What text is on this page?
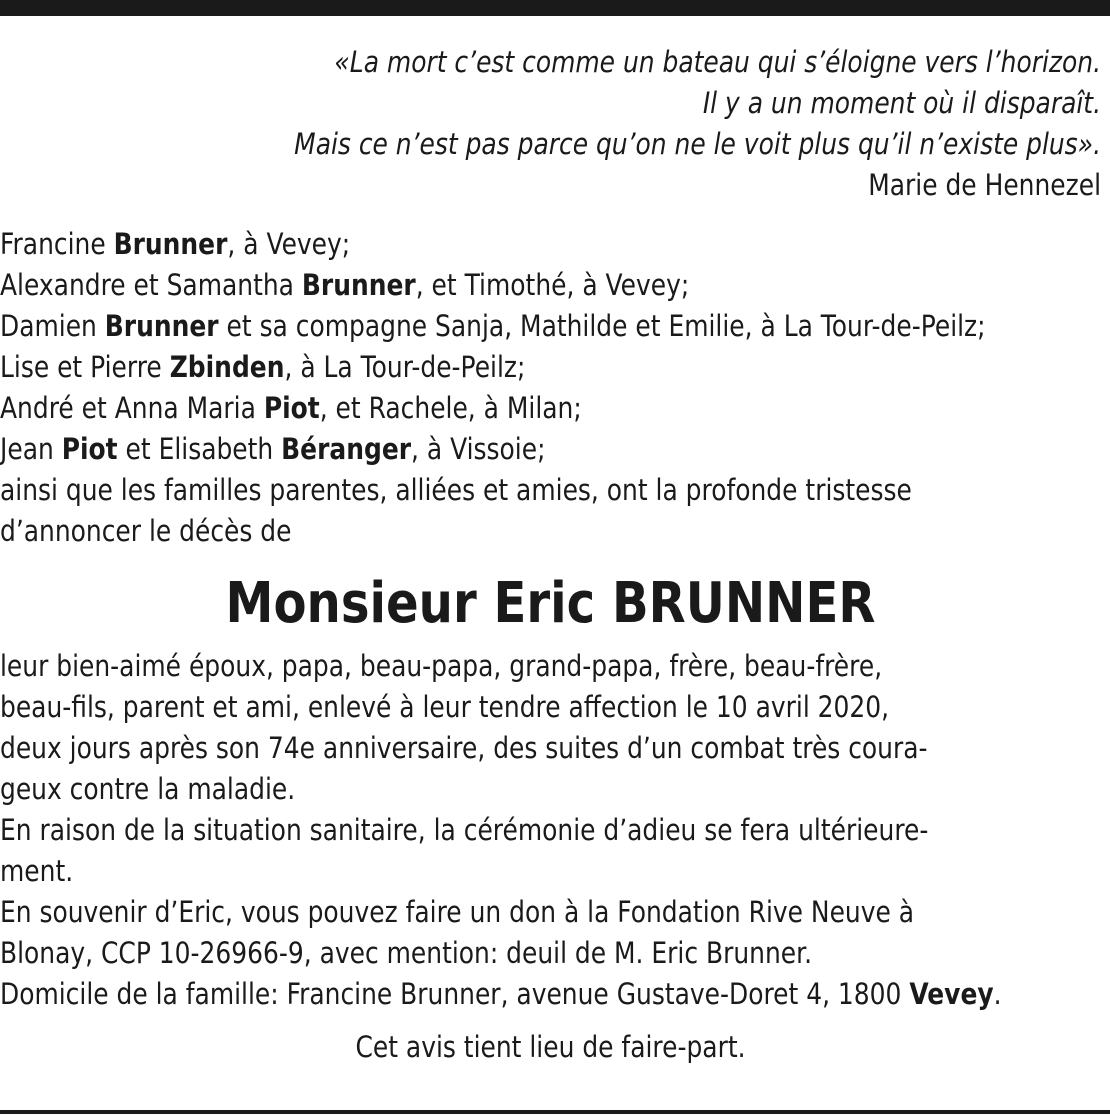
«La mort c’est comme un bateau qui s’éloigne vers l’horizon.
Il y a un moment où il disparaît.
Mais ce n’est pas parce qu’on ne le voit plus qu’il n’existe plus».
Marie de Hennezel
Francine Brunner, à Vevey;
Alexandre et Samantha Brunner, et Timothé, à Vevey;
Damien Brunner et sa compagne Sanja, Mathilde et Emilie, à La Tour-de-Peilz;
Lise et Pierre Zbinden, à La Tour-de-Peilz;
André et Anna Maria Piot, et Rachele, à Milan;
Jean Piot et Elisabeth Béranger, à Vissoie;
ainsi que les familles parentes, alliées et amies, ont la profonde tristesse
d’annoncer le décès de
Monsieur Eric BRUNNER
leur bien-aimé époux, papa, beau-papa, grand-papa, frère, beau-frère,
beau-fils, parent et ami, enlevé à leur tendre affection le 10 avril 2020,
deux jours après son 74e anniversaire, des suites d’un combat très coura-
geux contre la maladie.
En raison de la situation sanitaire, la cérémonie d’adieu se fera ultérieure-
ment.
En souvenir d’Eric, vous pouvez faire un don à la Fondation Rive Neuve à
Blonay, CCP 10-26966-9, avec mention: deuil de M. Eric Brunner.
Domicile de la famille: Francine Brunner, avenue Gustave-Doret 4, 1800 Vevey.
Cet avis tient lieu de faire-part.
